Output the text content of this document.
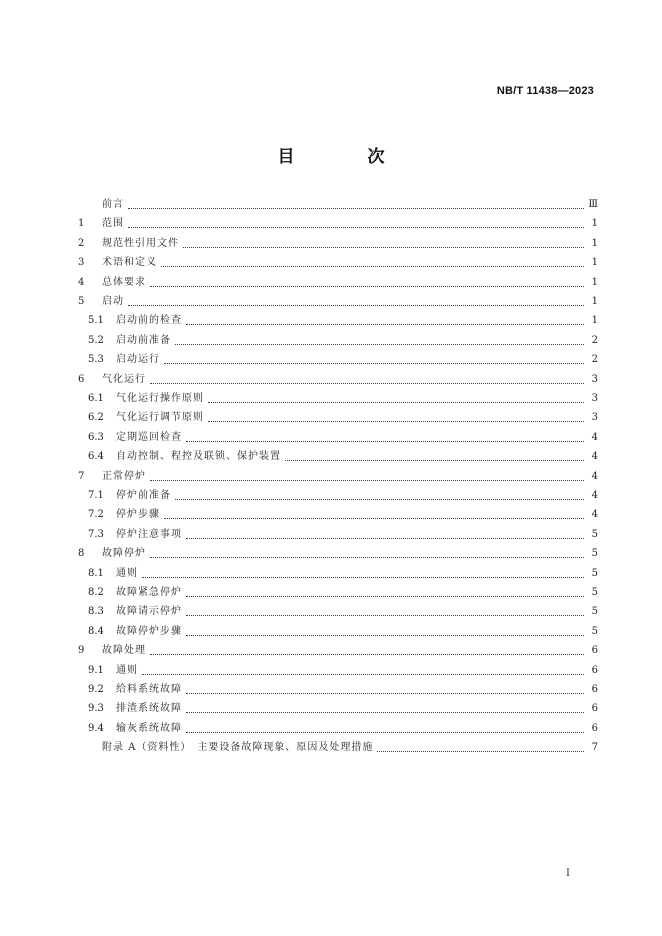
NB/T 11438—2023
目　次
前言	Ⅲ
1	范围	1
2	规范性引用文件	1
3	术语和定义	1
4	总体要求	1
5	启动	1
5.1	启动前的检查	1
5.2	启动前准备	2
5.3	启动运行	2
6	气化运行	3
6.1	气化运行操作原则	3
6.2	气化运行调节原则	3
6.3	定期巡回检查	4
6.4	自动控制、程控及联锁、保护装置	4
7	正常停炉	4
7.1	停炉前准备	4
7.2	停炉步骤	4
7.3	停炉注意事项	5
8	故障停炉	5
8.1	通则	5
8.2	故障紧急停炉	5
8.3	故障请示停炉	5
8.4	故障停炉步骤	5
9	故障处理	6
9.1	通则	6
9.2	给料系统故障	6
9.3	排渣系统故障	6
9.4	输灰系统故障	6
附录 A（资料性）　主要设备故障现象、原因及处理措施	7
I
